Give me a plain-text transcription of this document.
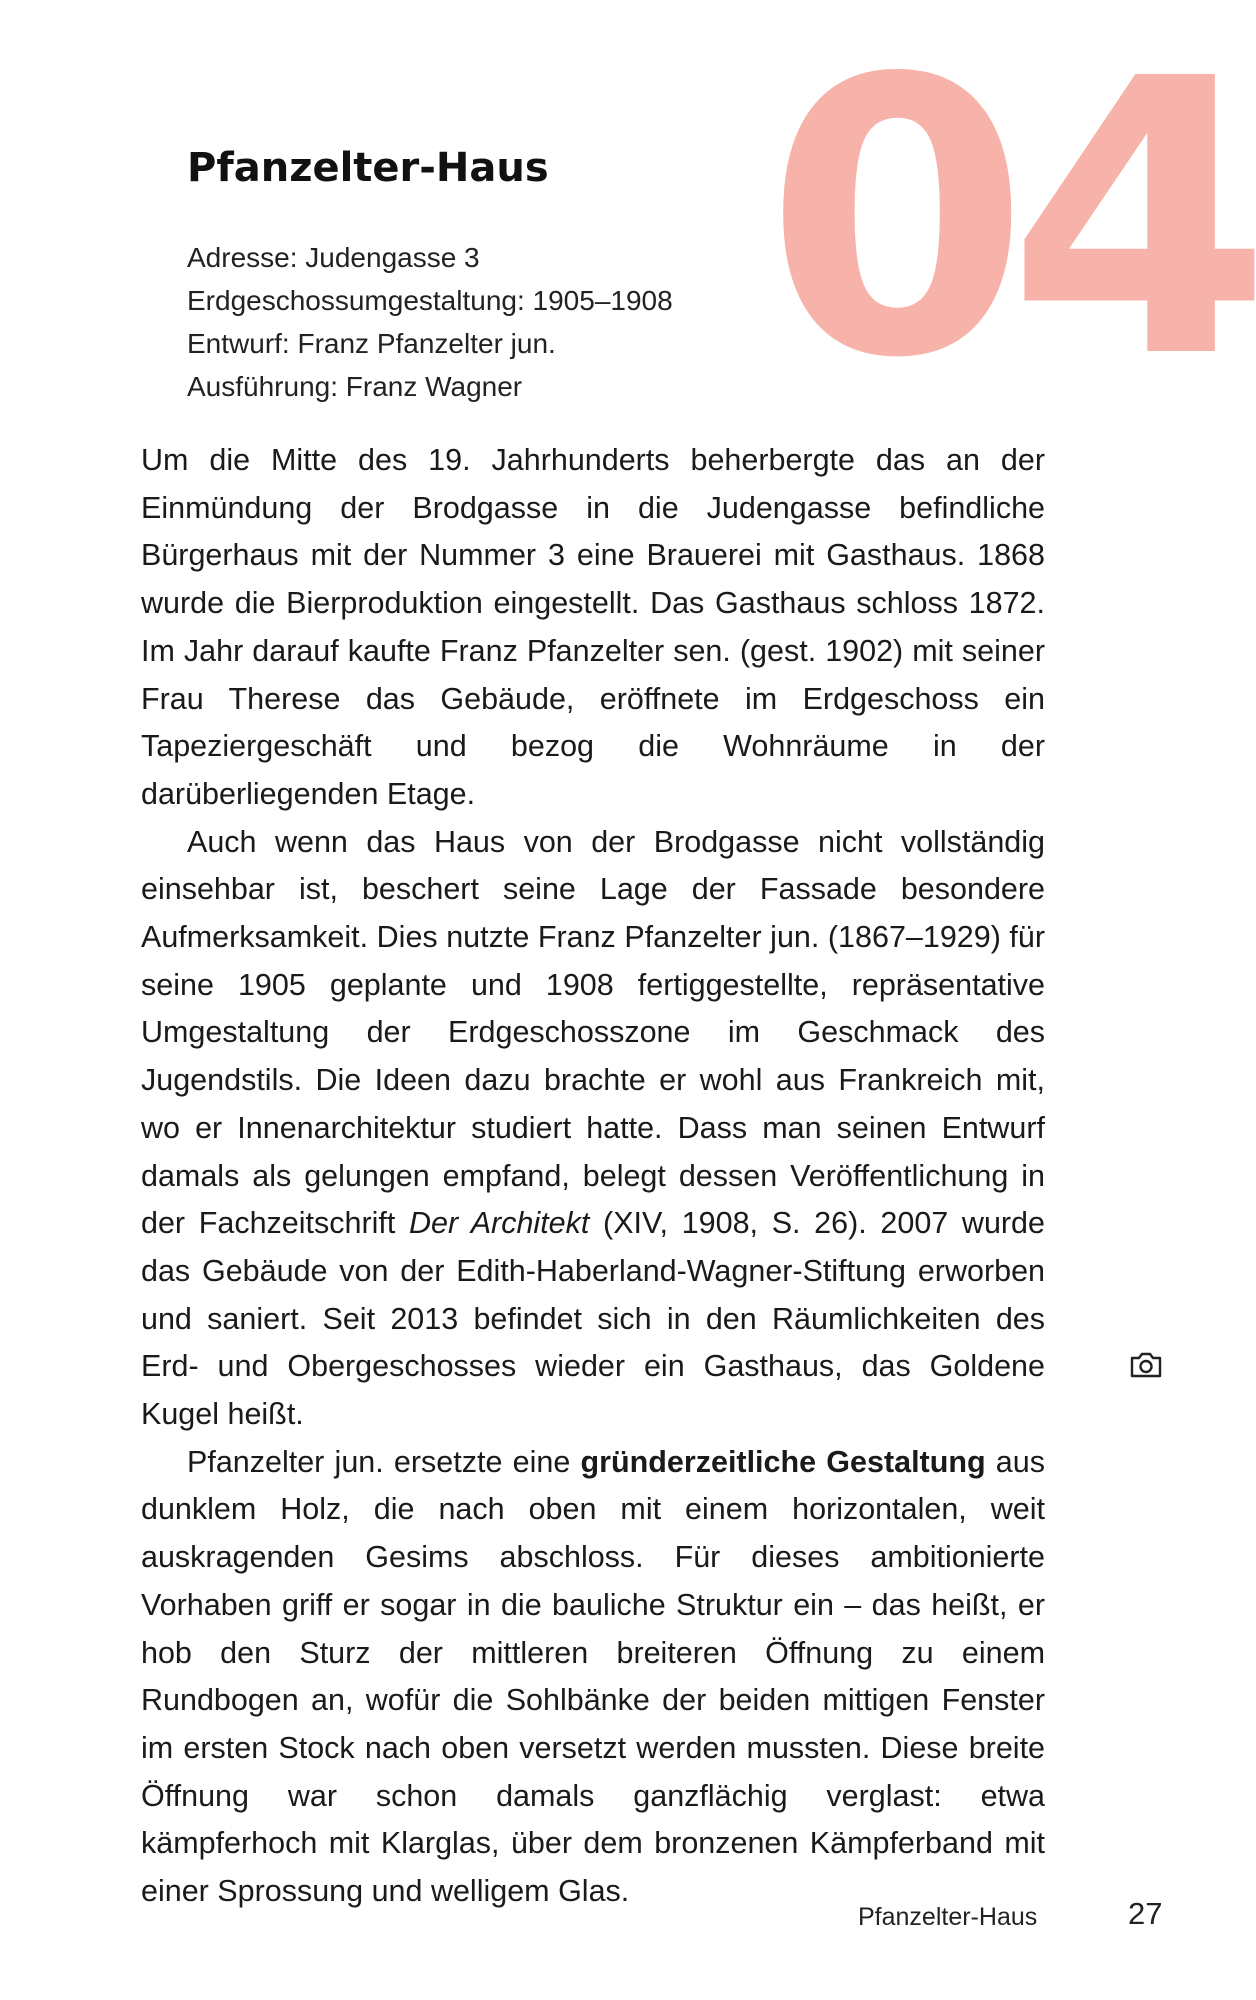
04
Pfanzelter-Haus
Adresse: Judengasse 3
Erdgeschossumgestaltung: 1905–1908
Entwurf: Franz Pfanzelter jun.
Ausführung: Franz Wagner

Um die Mitte des 19. Jahrhunderts beherbergte das an der Einmündung der Brodgasse in die Judengasse befindliche Bürgerhaus mit der Nummer 3 eine Brauerei mit Gasthaus. 1868 wurde die Bierproduktion eingestellt. Das Gasthaus schloss 1872. Im Jahr darauf kaufte Franz Pfanzelter sen. (gest. 1902) mit seiner Frau Therese das Gebäude, eröffnete im Erdgeschoss ein Tapeziergeschäft und bezog die Wohnräume in der darüberliegenden Etage.

Auch wenn das Haus von der Brodgasse nicht vollständig einsehbar ist, beschert seine Lage der Fassade besondere Aufmerksamkeit. Dies nutzte Franz Pfanzelter jun. (1867–1929) für seine 1905 geplante und 1908 fertiggestellte, repräsentative Umgestaltung der Erdgeschosszone im Geschmack des Jugendstils. Die Ideen dazu brachte er wohl aus Frankreich mit, wo er Innenarchitektur studiert hatte. Dass man seinen Entwurf damals als gelungen empfand, belegt dessen Veröffentlichung in der Fachzeitschrift Der Architekt (XIV, 1908, S. 26). 2007 wurde das Gebäude von der Edith-Haberland-Wagner-Stiftung erworben und saniert. Seit 2013 befindet sich in den Räumlichkeiten des Erd- und Obergeschosses wieder ein Gasthaus, das Goldene Kugel heißt.

Pfanzelter jun. ersetzte eine gründerzeitliche Gestaltung aus dunklem Holz, die nach oben mit einem horizontalen, weit auskragenden Gesims abschloss. Für dieses ambitionierte Vorhaben griff er sogar in die bauliche Struktur ein – das heißt, er hob den Sturz der mittleren breiteren Öffnung zu einem Rundbogen an, wofür die Sohlbänke der beiden mittigen Fenster im ersten Stock nach oben versetzt werden mussten. Diese breite Öffnung war schon damals ganzflächig verglast: etwa kämpferhoch mit Klarglas, über dem bronzenen Kämpferband mit einer Sprossung und welligem Glas.

Pfanzelter-Haus	27
